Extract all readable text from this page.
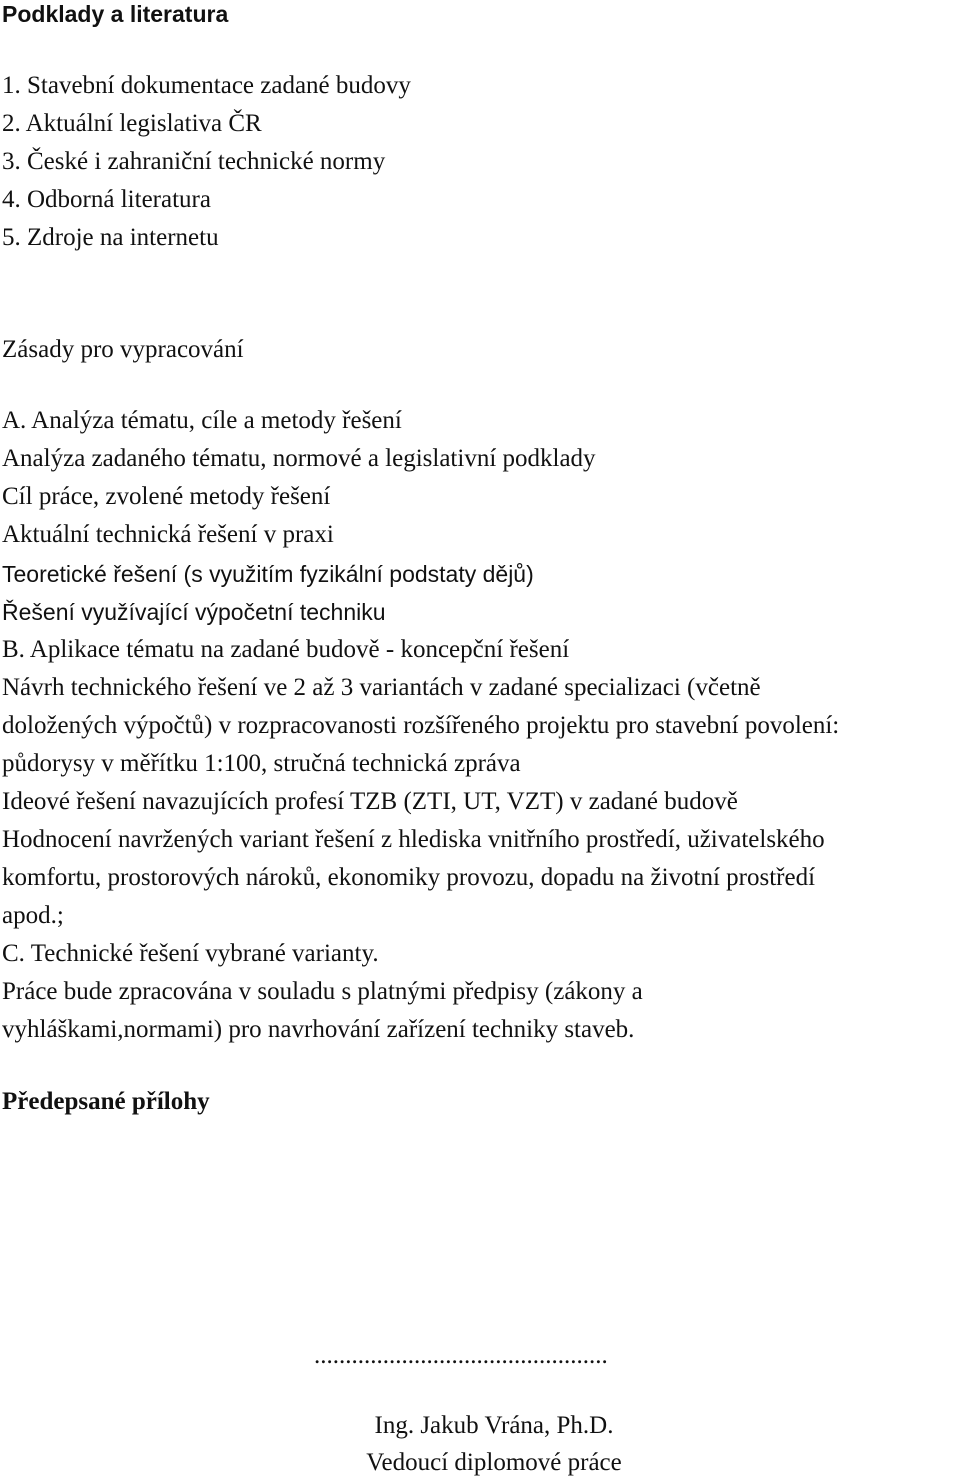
Podklady a literatura

1. Stavební dokumentace zadané budovy

2. Aktuální legislativa ČR

3. České i zahraniční technické normy

4. Odborná literatura

5. Zdroje na internetu

Zásady pro vypracování

A. Analýza tématu, cíle a metody řešení

Analýza zadaného tématu, normové a legislativní podklady

Cíl práce, zvolené metody řešení

Aktuální technická řešení v praxi

Teoretické řešení (s využitím fyzikální podstaty dějů)

Řešení využívající výpočetní techniku

B. Aplikace tématu na zadané budově - koncepční řešení

Návrh technického řešení ve 2 až 3 variantách v zadané specializaci (včetně

doložených výpočtů) v rozpracovanosti rozšířeného projektu pro stavební povolení:

půdorysy v měřítku 1:100, stručná technická zpráva

Ideové řešení navazujících profesí TZB (ZTI, UT, VZT) v zadané budově

Hodnocení navržených variant řešení z hlediska vnitřního prostředí, uživatelského

komfortu, prostorových nároků, ekonomiky provozu, dopadu na životní prostředí

apod.;

C. Technické řešení vybrané varianty.

Práce bude zpracována v souladu s platnými předpisy (zákony a

vyhláškami,normami) pro navrhování zařízení techniky staveb.

Předepsané přílohy

...............................................
Ing. Jakub Vrána, Ph.D.
Vedoucí diplomové práce
